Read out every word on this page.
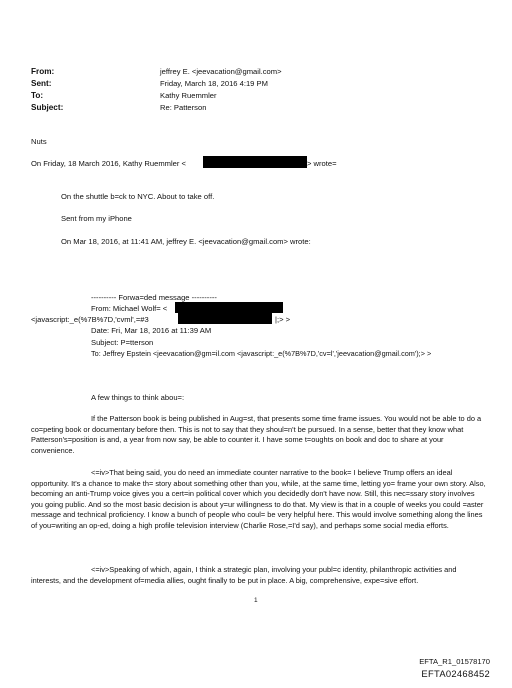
From:	jeffrey E. <jeevacation@gmail.com>
Sent:	Friday, March 18, 2016 4:19 PM
To:	Kathy Ruemmler
Subject:	Re: Patterson
Nuts
On Friday, 18 March 2016, Kathy Ruemmler <	> wrote=
On the shuttle b=ck to NYC. About to take off.
Sent from my iPhone
On Mar 18, 2016, at 11:41 AM, jeffrey E. <jeevacation@gmail.com> wrote:
---------- Forwa=ded message ----------
From: Michael Wolf= <
<javascript:_e(%7B%7D,'cvml',=#3	|;> >
Date: Fri, Mar 18, 2016 at 11:39 AM
Subject: P=tterson
To: Jeffrey Epstein <jeevacation@gm=il.com <javascript:_e(%7B%7D,'cv=l','jeevacation@gmail.com');> >
A few things to think abou=:
If the Patterson book is being published in Aug=st, that presents some time frame issues. You would not be able to do a co=peting book or documentary before then. This is not to say that they shoul=n't be pursued. In a sense, better that they know what Patterson's=position is and, a year from now say, be able to counter it. I have some t=oughts on book and doc to share at your convenience.
<=iv>That being said, you do need an immediate counter narrative to the book= I believe Trump offers an ideal opportunity. It's a chance to make th= story about something other than you, while, at the same time, letting yo= frame your own story. Also, becoming an anti-Trump voice gives you a cert=in political cover which you decidedly don't have now. Still, this nec=ssary story involves you going public. And so the most basic decision is about y=ur willingness to do that. My view is that in a couple of weeks you could =aster message and technical proficiency. I know a bunch of people who coul= be very helpful here. This would involve something along the lines of you=writing an op-ed, doing a high profile television interview (Charlie Rose,=I'd say), and perhaps some social media efforts.
<=iv>Speaking of which, again, I think a strategic plan, involving your publ=c identity, philanthropic activities and interests, and the development of=media allies, ought finally to be put in place. A big, comprehensive, expe=sive effort.
1
EFTA_R1_01578170
EFTA02468452
